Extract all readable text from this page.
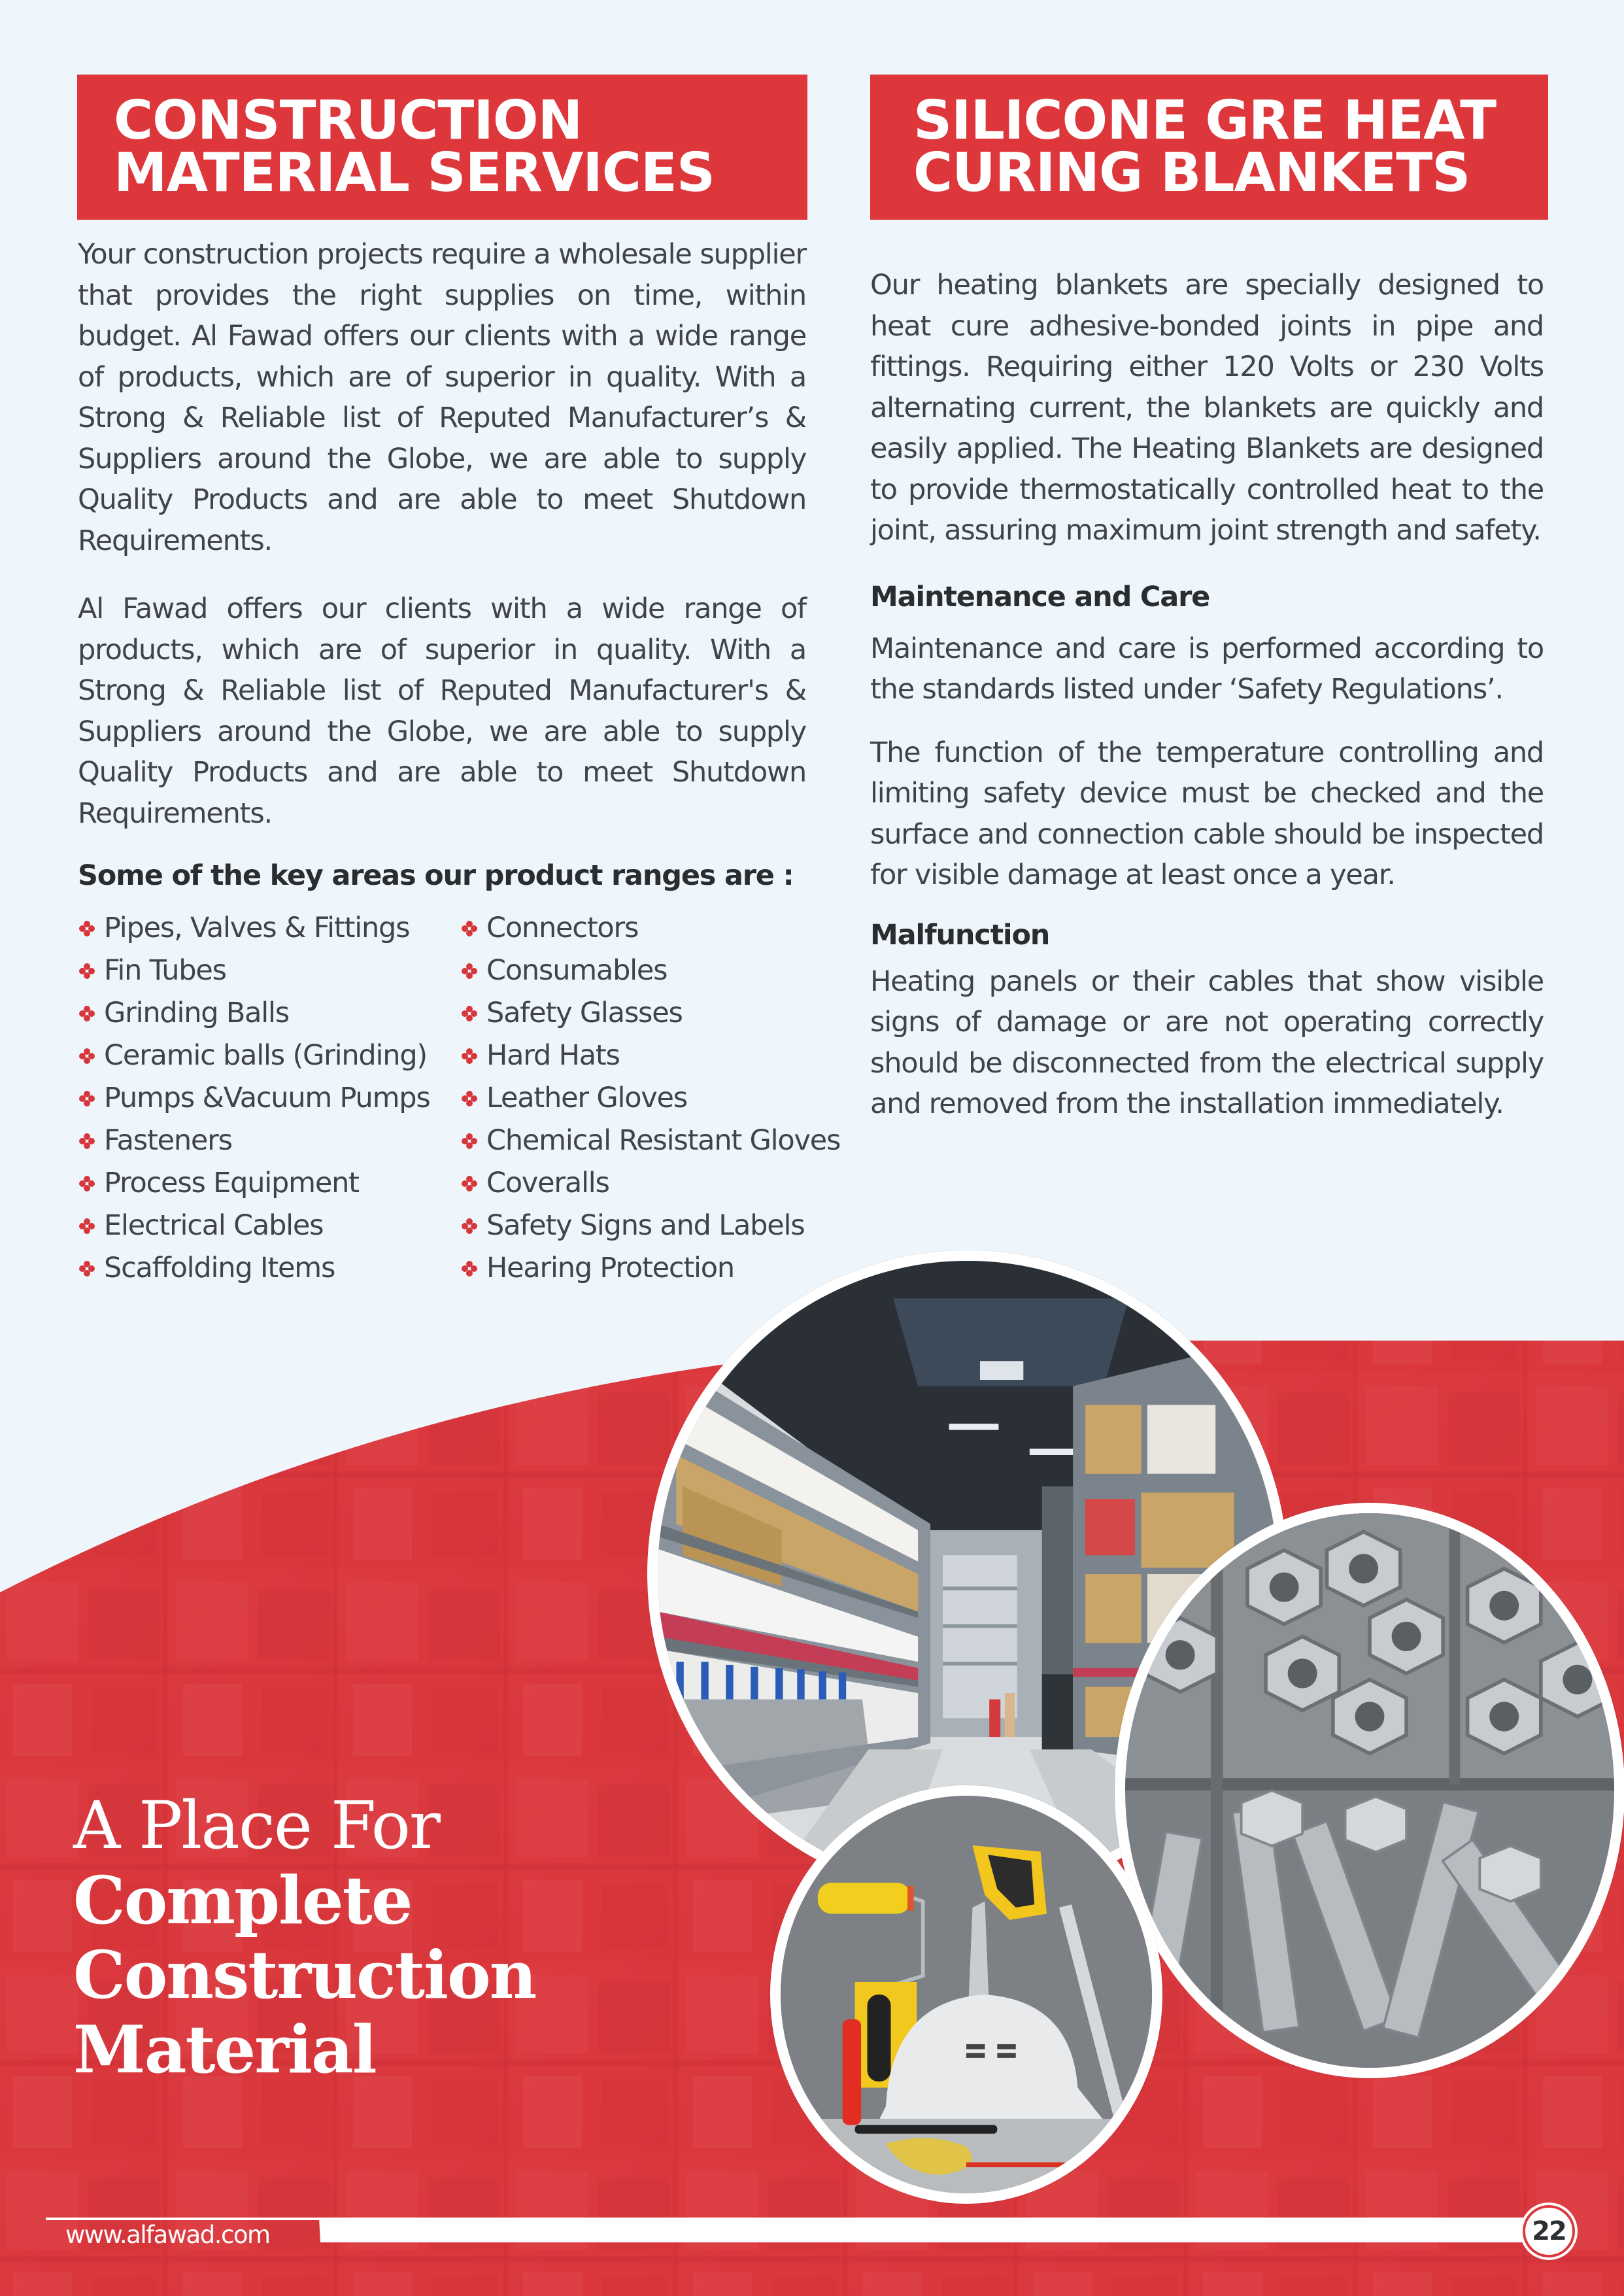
CONSTRUCTION
MATERIAL SERVICES
SILICONE GRE HEAT
CURING BLANKETS

Your construction projects require a wholesale supplier that provides the right supplies on time, within budget. Al Fawad offers our clients with a wide range of products, which are of superior in quality. With a Strong & Reliable list of Reputed Manufacturer’s & Suppliers around the Globe, we are able to supply Quality Products and are able to meet Shutdown Requirements.

Al Fawad offers our clients with a wide range of products, which are of superior in quality. With a Strong & Reliable list of Reputed Manufacturer's & Suppliers around the Globe, we are able to supply Quality Products and are able to meet Shutdown Requirements.

Some of the key areas our product ranges are :
Pipes, Valves & Fittings
Fin Tubes
Grinding Balls
Ceramic balls (Grinding)
Pumps &Vacuum Pumps
Fasteners
Process Equipment
Electrical Cables
Scaffolding Items
Connectors
Consumables
Safety Glasses
Hard Hats
Leather Gloves
Chemical Resistant Gloves
Coveralls
Safety Signs and Labels
Hearing Protection

Our heating blankets are specially designed to heat cure adhesive-bonded joints in pipe and fittings. Requiring either 120 Volts or 230 Volts alternating current, the blankets are quickly and easily applied. The Heating Blankets are designed to provide thermostatically controlled heat to the joint, assuring maximum joint strength and safety.

Maintenance and Care

Maintenance and care is performed according to the standards listed under ‘Safety Regulations’.

The function of the temperature controlling and limiting safety device must be checked and the surface and connection cable should be inspected for visible damage at least once a year.

Malfunction

Heating panels or their cables that show visible signs of damage or are not operating correctly should be disconnected from the electrical supply and removed from the installation immediately.

A Place For
Complete
Construction
Material
www.alfawad.com	22
